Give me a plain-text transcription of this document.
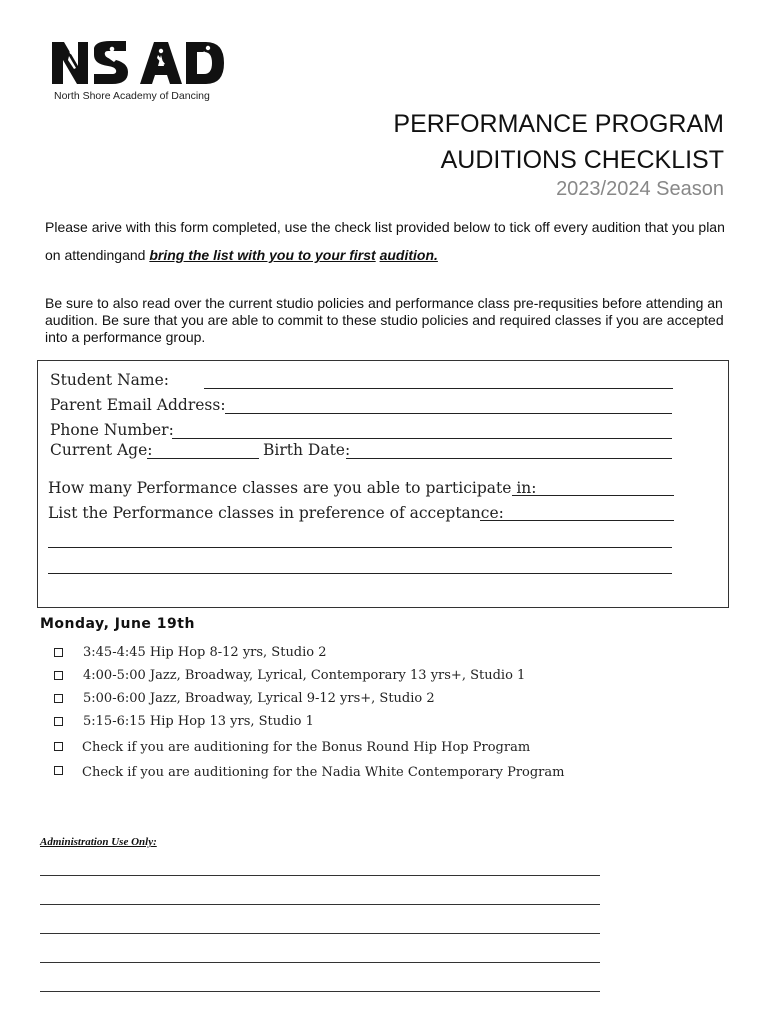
North Shore Academy of Dancing
PERFORMANCE PROGRAM
AUDITIONS CHECKLIST
2023/2024 Season
Please arive with this form completed, use the check list provided below to tick off every audition that you plan on attendingand bring the list with you to your first audition.
Be sure to also read over the current studio policies and performance class pre-requsities before attending an audition. Be sure that you are able to commit to these studio policies and required classes if you are accepted into a performance group.
Student Name:
Parent Email Address:
Phone Number:
Current Age:	Birth Date:
How many Performance classes are you able to participate in:
List the Performance classes in preference of acceptance:
Monday, June 19th
3:45-4:45 Hip Hop 8-12 yrs, Studio 2
4:00-5:00 Jazz, Broadway, Lyrical, Contemporary 13 yrs+, Studio 1
5:00-6:00 Jazz, Broadway, Lyrical 9-12 yrs+, Studio 2
5:15-6:15 Hip Hop 13 yrs, Studio 1
Check if you are auditioning for the Bonus Round Hip Hop Program
Check if you are auditioning for the Nadia White Contemporary Program
Administration Use Only:
